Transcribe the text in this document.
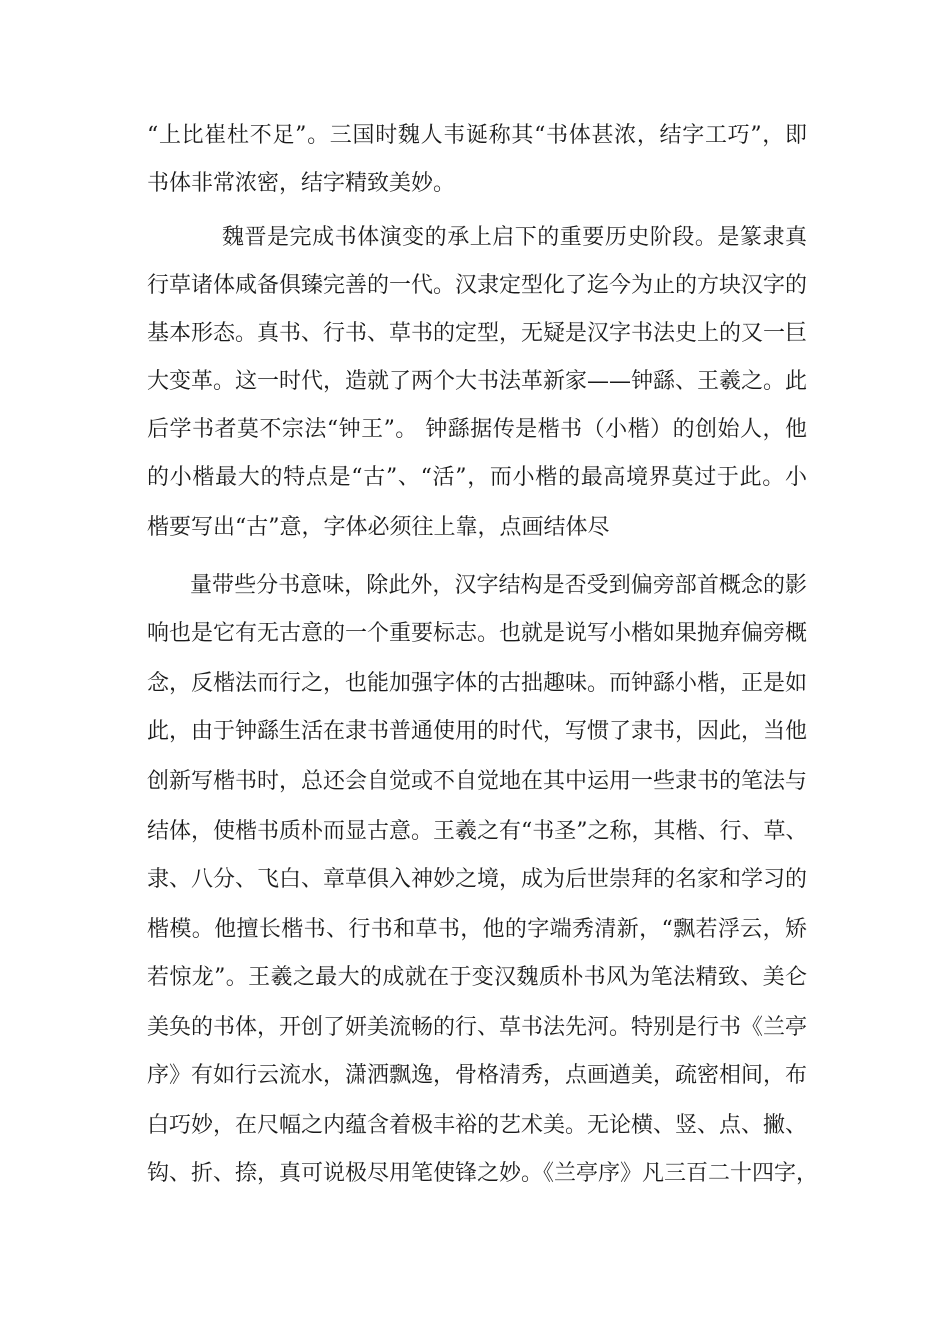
“上比崔杜不足”。三国时魏人韦诞称其“书体甚浓，结字工巧”，即
书体非常浓密，结字精致美妙。
魏晋是完成书体演变的承上启下的重要历史阶段。是篆隶真
行草诸体咸备俱臻完善的一代。汉隶定型化了迄今为止的方块汉字的
基本形态。真书、行书、草书的定型，无疑是汉字书法史上的又一巨
大变革。这一时代，造就了两个大书法革新家——钟繇、王羲之。此
后学书者莫不宗法“钟王”。 钟繇据传是楷书（小楷）的创始人，他
的小楷最大的特点是“古”、“活”，而小楷的最高境界莫过于此。小
楷要写出“古”意，字体必须往上靠，点画结体尽
量带些分书意味，除此外，汉字结构是否受到偏旁部首概念的影
响也是它有无古意的一个重要标志。也就是说写小楷如果抛弃偏旁概
念，反楷法而行之，也能加强字体的古拙趣味。而钟繇小楷，正是如
此，由于钟繇生活在隶书普通使用的时代，写惯了隶书，因此，当他
创新写楷书时，总还会自觉或不自觉地在其中运用一些隶书的笔法与
结体，使楷书质朴而显古意。王羲之有“书圣”之称，其楷、行、草、
隶、八分、飞白、章草俱入神妙之境，成为后世崇拜的名家和学习的
楷模。他擅长楷书、行书和草书，他的字端秀清新，“飘若浮云，矫
若惊龙”。王羲之最大的成就在于变汉魏质朴书风为笔法精致、美仑
美奂的书体，开创了妍美流畅的行、草书法先河。特别是行书《兰亭
序》有如行云流水，潇洒飘逸，骨格清秀，点画遒美，疏密相间，布
白巧妙，在尺幅之内蕴含着极丰裕的艺术美。无论横、竖、点、撇、
钩、折、捺，真可说极尽用笔使锋之妙。《兰亭序》凡三百二十四字，
